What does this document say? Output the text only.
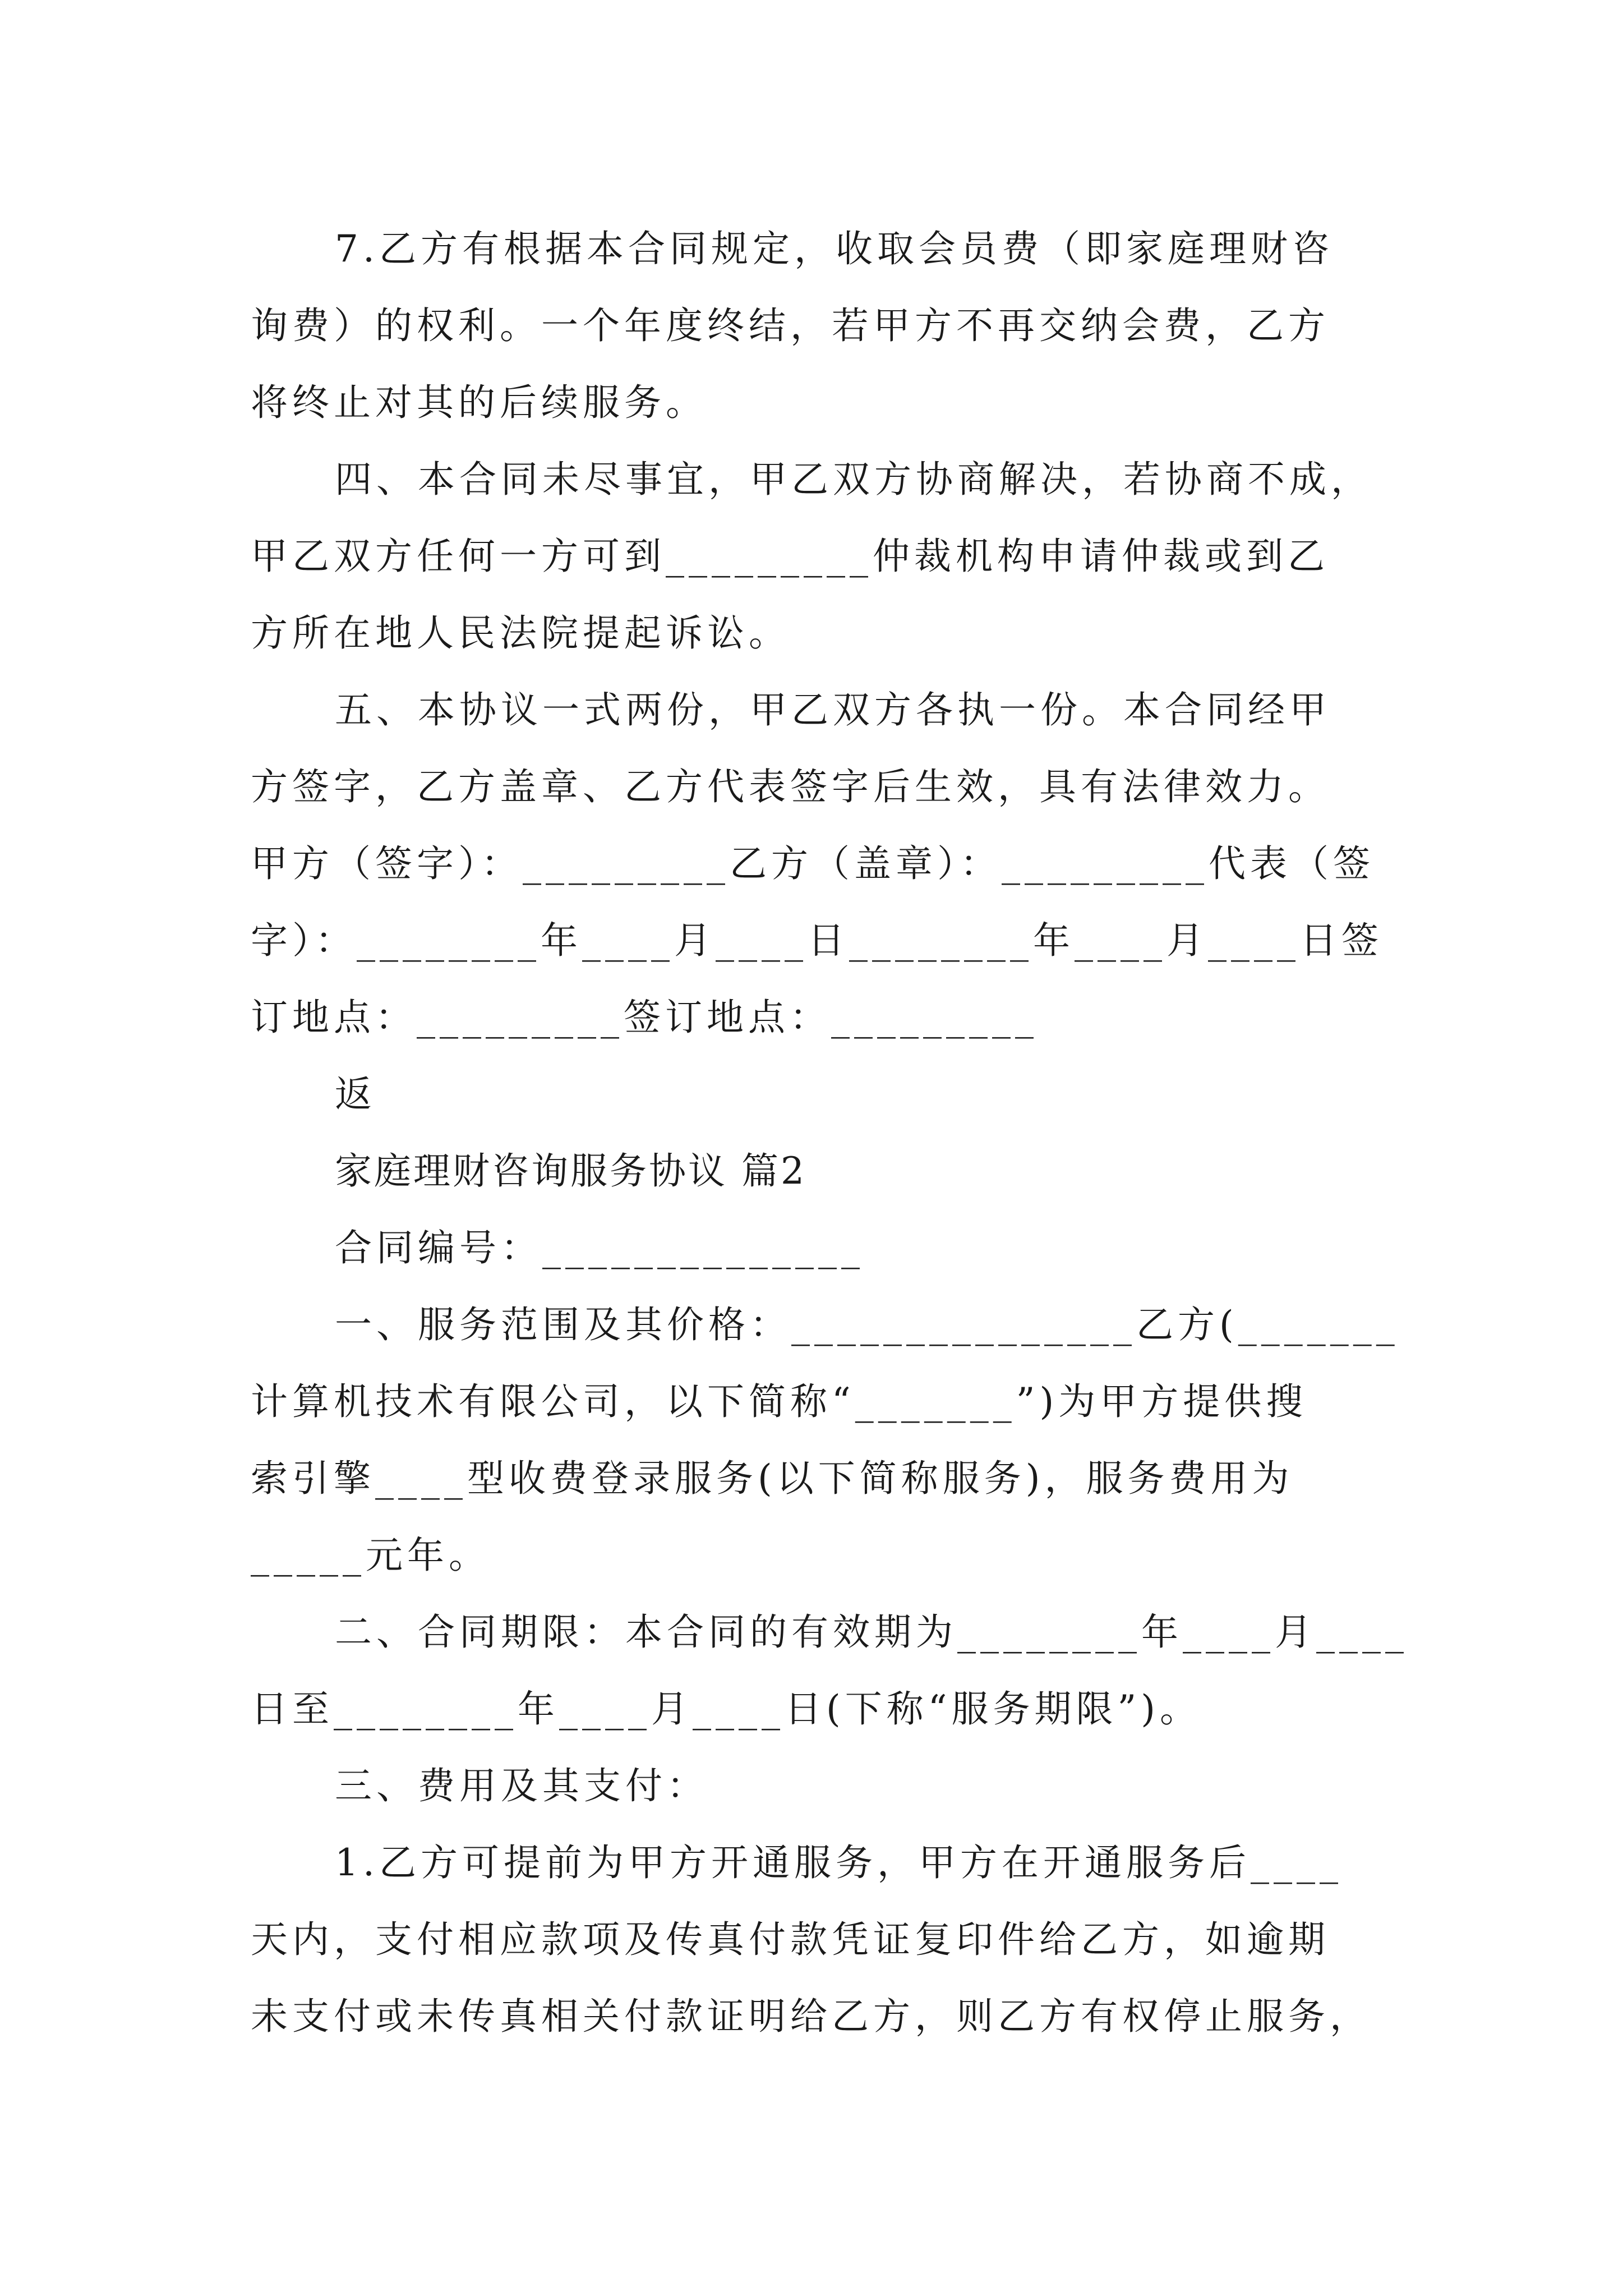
7.乙方有根据本合同规定，收取会员费（即家庭理财咨
询费）的权利。一个年度终结，若甲方不再交纳会费，乙方
将终止对其的后续服务。
四、本合同未尽事宜，甲乙双方协商解决，若协商不成，
甲乙双方任何一方可到_________仲裁机构申请仲裁或到乙
方所在地人民法院提起诉讼。
五、本协议一式两份，甲乙双方各执一份。本合同经甲
方签字，乙方盖章、乙方代表签字后生效，具有法律效力。
甲方（签字）：_________乙方（盖章）：_________代表（签
字）：________年____月____日________年____月____日签
订地点：_________签订地点：_________
返
家庭理财咨询服务协议 篇2
合同编号：______________
一、服务范围及其价格：_______________乙方(_______
计算机技术有限公司，以下简称“_______”)为甲方提供搜
索引擎____型收费登录服务(以下简称服务)，服务费用为
_____元年。
二、合同期限：本合同的有效期为________年____月____
日至________年____月____日(下称“服务期限”)。
三、费用及其支付：
1.乙方可提前为甲方开通服务，甲方在开通服务后____
天内，支付相应款项及传真付款凭证复印件给乙方，如逾期
未支付或未传真相关付款证明给乙方，则乙方有权停止服务，
